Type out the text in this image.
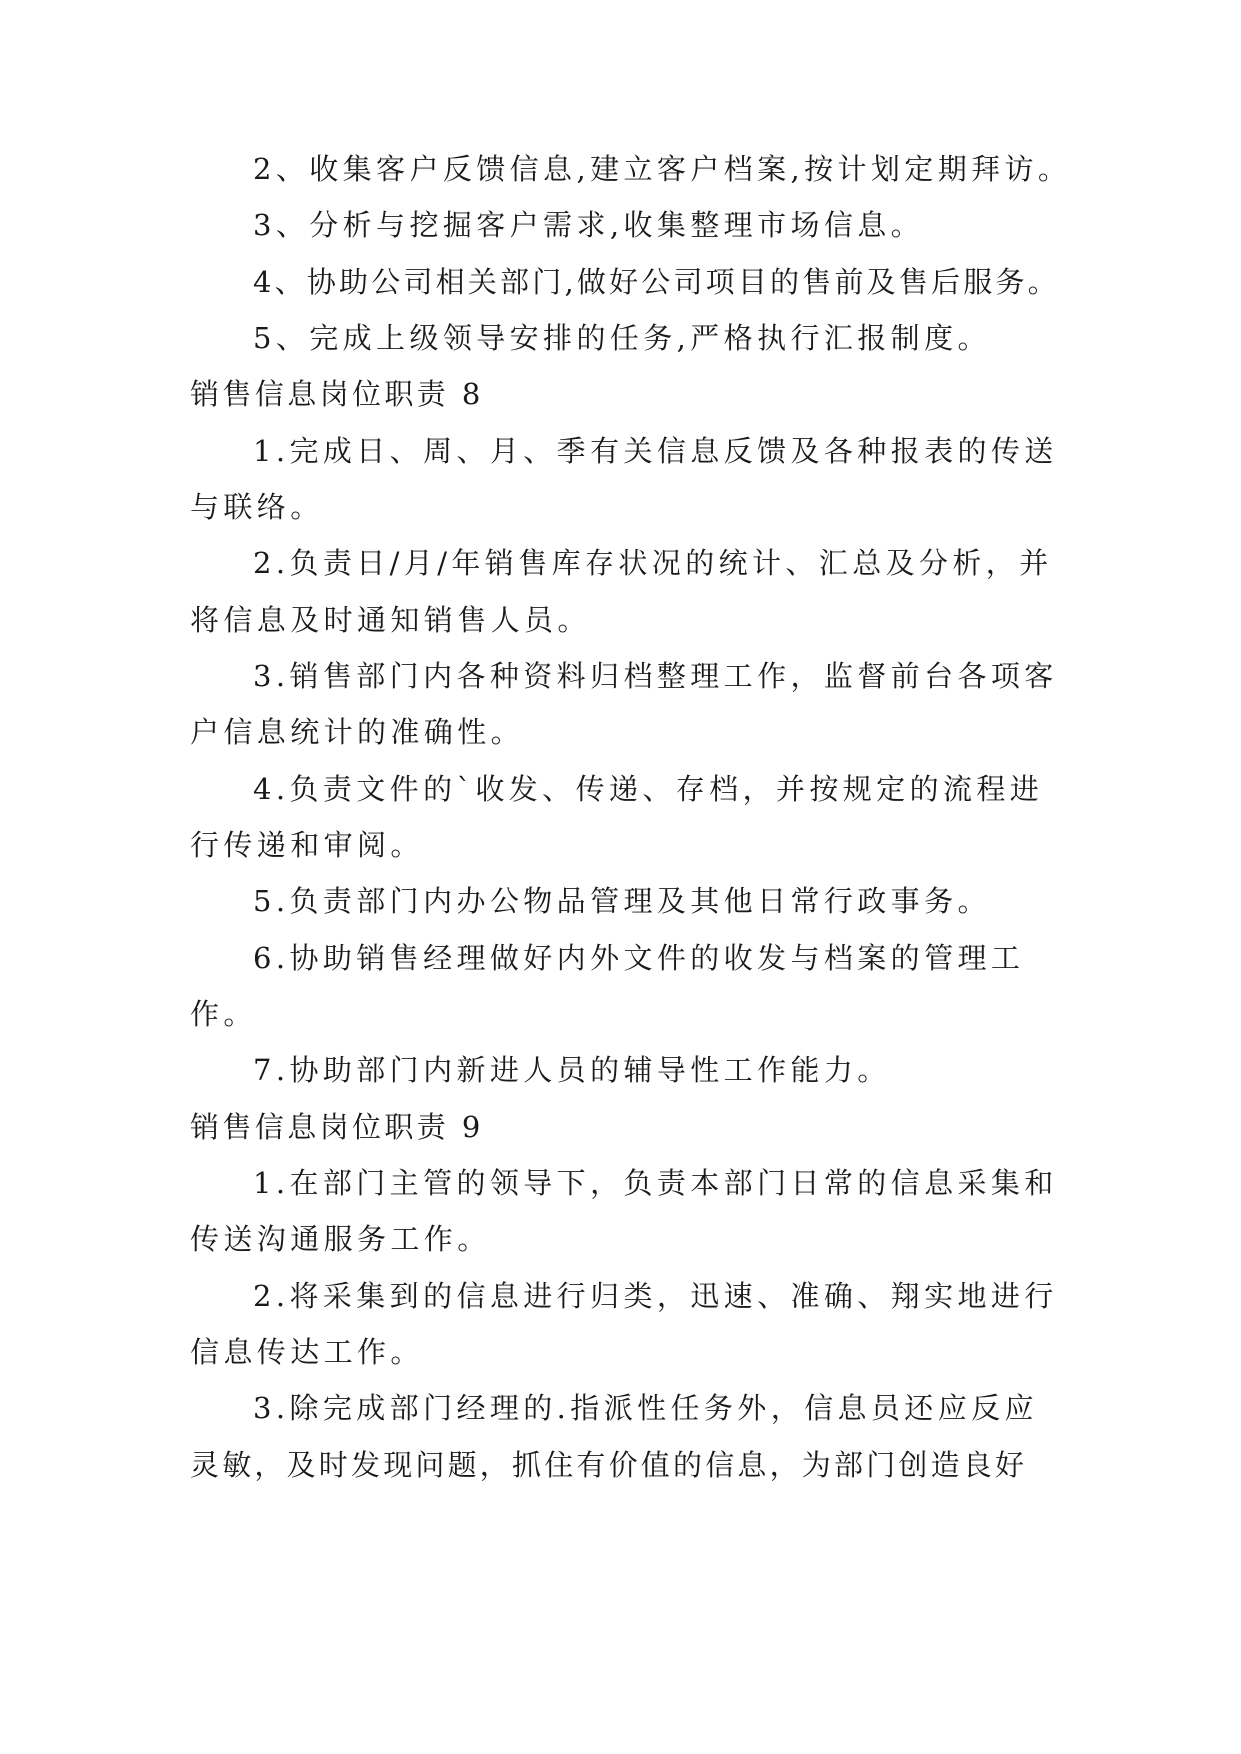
2、收集客户反馈信息,建立客户档案,按计划定期拜访。
3、分析与挖掘客户需求,收集整理市场信息。
4、协助公司相关部门,做好公司项目的售前及售后服务。
5、完成上级领导安排的任务,严格执行汇报制度。
销售信息岗位职责 8
1.完成日、周、月、季有关信息反馈及各种报表的传送
与联络。
2.负责日/月/年销售库存状况的统计、汇总及分析，并
将信息及时通知销售人员。
3.销售部门内各种资料归档整理工作，监督前台各项客
户信息统计的准确性。
4.负责文件的`收发、传递、存档，并按规定的流程进
行传递和审阅。
5.负责部门内办公物品管理及其他日常行政事务。
6.协助销售经理做好内外文件的收发与档案的管理工
作。
7.协助部门内新进人员的辅导性工作能力。
销售信息岗位职责 9
1.在部门主管的领导下，负责本部门日常的信息采集和
传送沟通服务工作。
2.将采集到的信息进行归类，迅速、准确、翔实地进行
信息传达工作。
3.除完成部门经理的.指派性任务外，信息员还应反应
灵敏，及时发现问题，抓住有价值的信息，为部门创造良好
